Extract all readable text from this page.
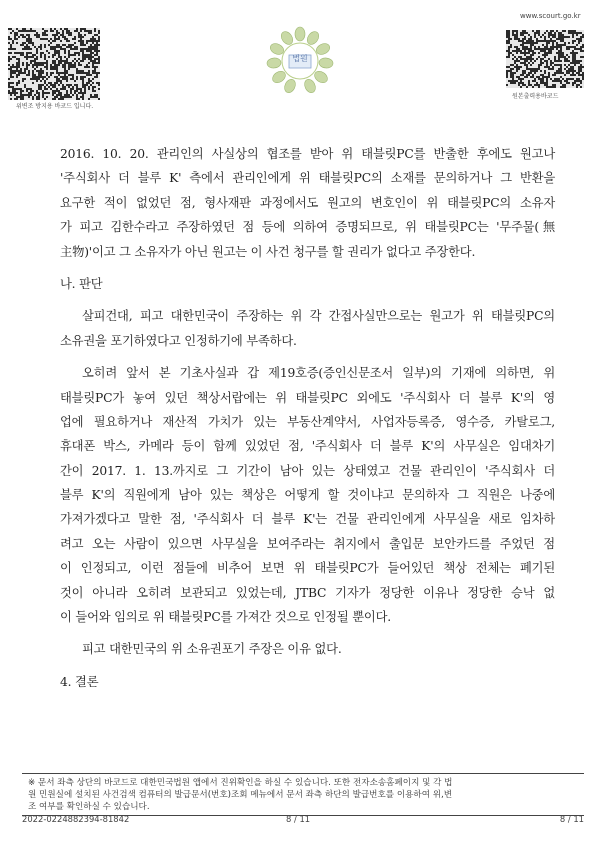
위변조 방지용 바코드 입니다.
법원
www.scourt.go.kr
원본출력용바코드
2016. 10. 20. 관리인의 사실상의 협조를 받아 위 태블릿PC를 반출한 후에도 원고나
'주식회사 더 블루 K' 측에서 관리인에게 위 태블릿PC의 소재를 문의하거나 그 반환을
요구한 적이 없었던 점, 형사재판 과정에서도 원고의 변호인이 위 태블릿PC의 소유자
가 피고 김한수라고 주장하였던 점 등에 의하여 증명되므로, 위 태블릿PC는 '무주물(無
主物)'이고 그 소유자가 아닌 원고는 이 사건 청구를 할 권리가 없다고 주장한다.
나. 판단
살피건대, 피고 대한민국이 주장하는 위 각 간접사실만으로는 원고가 위 태블릿PC의
소유권을 포기하였다고 인정하기에 부족하다.
오히려 앞서 본 기초사실과 갑 제19호증(증인신문조서 일부)의 기재에 의하면, 위
태블릿PC가 놓여 있던 책상서랍에는 위 태블릿PC 외에도 '주식회사 더 블루 K'의 영
업에 필요하거나 재산적 가치가 있는 부동산계약서, 사업자등록증, 영수증, 카탈로그,
휴대폰 박스, 카메라 등이 함께 있었던 점, '주식회사 더 블루 K'의 사무실은 임대차기
간이 2017. 1. 13.까지로 그 기간이 남아 있는 상태였고 건물 관리인이 '주식회사 더
블루 K'의 직원에게 남아 있는 책상은 어떻게 할 것이냐고 문의하자 그 직원은 나중에
가져가겠다고 말한 점, '주식회사 더 블루 K'는 건물 관리인에게 사무실을 새로 임차하
려고 오는 사람이 있으면 사무실을 보여주라는 취지에서 출입문 보안카드를 주었던 점
이 인정되고, 이런 점들에 비추어 보면 위 태블릿PC가 들어있던 책상 전체는 폐기된
것이 아니라 오히려 보관되고 있었는데, JTBC 기자가 정당한 이유나 정당한 승낙 없
이 들어와 임의로 위 태블릿PC를 가져간 것으로 인정될 뿐이다.
피고 대한민국의 위 소유권포기 주장은 이유 없다.
4. 결론
※ 문서 좌측 상단의 바코드로 대한민국법원 앱에서 진위확인을 하실 수 있습니다. 또한 전자소송홈페이지 및 각 법
원 민원실에 설치된 사건검색 컴퓨터의 발급문서(번호)조회 메뉴에서 문서 좌측 하단의 발급번호를 이용하여 위,변
조 여부를 확인하실 수 있습니다.
2022-0224882394-81842	8 / 11	8 / 11
